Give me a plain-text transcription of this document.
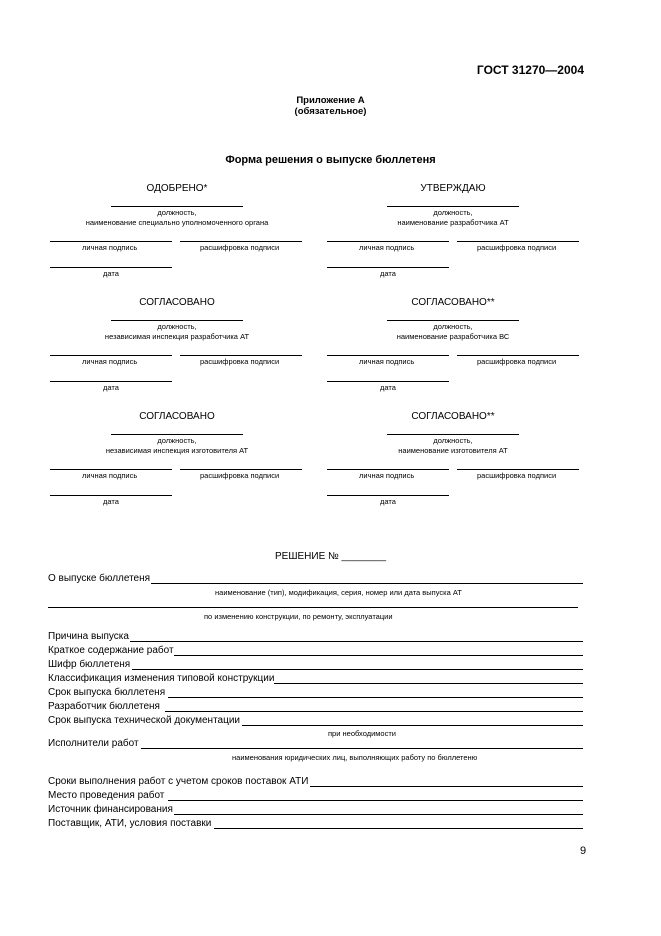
ГОСТ 31270—2004
Приложение А
(обязательное)
Форма решения о выпуске бюллетеня
ОДОБРЕНО*
должность,
наименование специально уполномоченного органа
личная подпись	расшифровка подписи
дата
УТВЕРЖДАЮ
должность,
наименование разработчика АТ
личная подпись	расшифровка подписи
дата
СОГЛАСОВАНО
должность,
независимая инспекция разработчика АТ
личная подпись	расшифровка подписи
дата
СОГЛАСОВАНО**
должность,
наименование разработчика ВС
личная подпись	расшифровка подписи
дата
СОГЛАСОВАНО
должность,
независимая инспекция изготовителя АТ
личная подпись	расшифровка подписи
дата
СОГЛАСОВАНО**
должность,
наименование изготовителя АТ
личная подпись	расшифровка подписи
дата
РЕШЕНИЕ № ________
О выпуске бюллетеня
наименование (тип), модификация, серия, номер или дата выпуска АТ
по изменению конструкции, по ремонту, эксплуатации
Причина выпуска
Краткое содержание работ
Шифр бюллетеня
Классификация изменения типовой конструкции
Срок выпуска бюллетеня
Разработчик бюллетеня
Срок выпуска технической документации
при необходимости
Исполнители работ
наименования юридических лиц, выполняющих работу по бюллетеню
Сроки выполнения работ с учетом сроков поставок АТИ
Место проведения работ
Источник финансирования
Поставщик, АТИ, условия поставки
9
